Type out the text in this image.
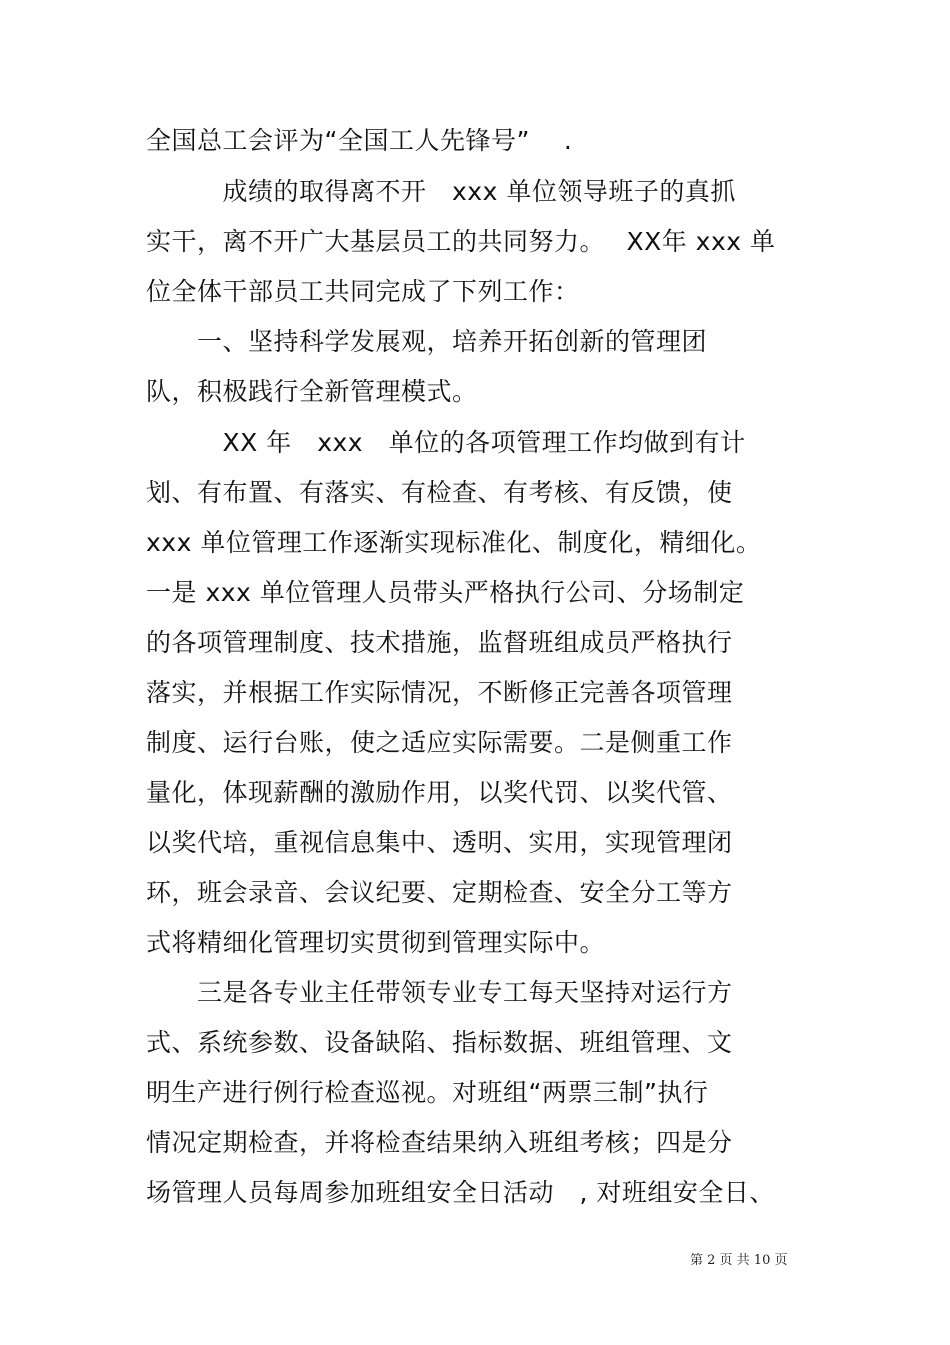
全国总工会评为“全国工人先锋号”　 .
　　　成绩的取得离不开　xxx 单位领导班子的真抓
实干，离不开广大基层员工的共同努力。　 XX年 xxx 单
位全体干部员工共同完成了下列工作：
　　一、坚持科学发展观，培养开拓创新的管理团
队，积极践行全新管理模式。
　　　XX 年　xxx　单位的各项管理工作均做到有计
划、有布置、有落实、有检查、有考核、有反馈，使
xxx 单位管理工作逐渐实现标准化、制度化，精细化。
一是 xxx 单位管理人员带头严格执行公司、分场制定
的各项管理制度、技术措施，监督班组成员严格执行
落实，并根据工作实际情况，不断修正完善各项管理
制度、运行台账，使之适应实际需要。二是侧重工作
量化，体现薪酬的激励作用，以奖代罚、以奖代管、
以奖代培，重视信息集中、透明、实用，实现管理闭
环，班会录音、会议纪要、定期检查、安全分工等方
式将精细化管理切实贯彻到管理实际中。
　　三是各专业主任带领专业专工每天坚持对运行方
式、系统参数、设备缺陷、指标数据、班组管理、文
明生产进行例行检查巡视。对班组“两票三制”执行
情况定期检查，并将检查结果纳入班组考核；四是分
场管理人员每周参加班组安全日活动　, 对班组安全日、
第 2 页 共 10 页
